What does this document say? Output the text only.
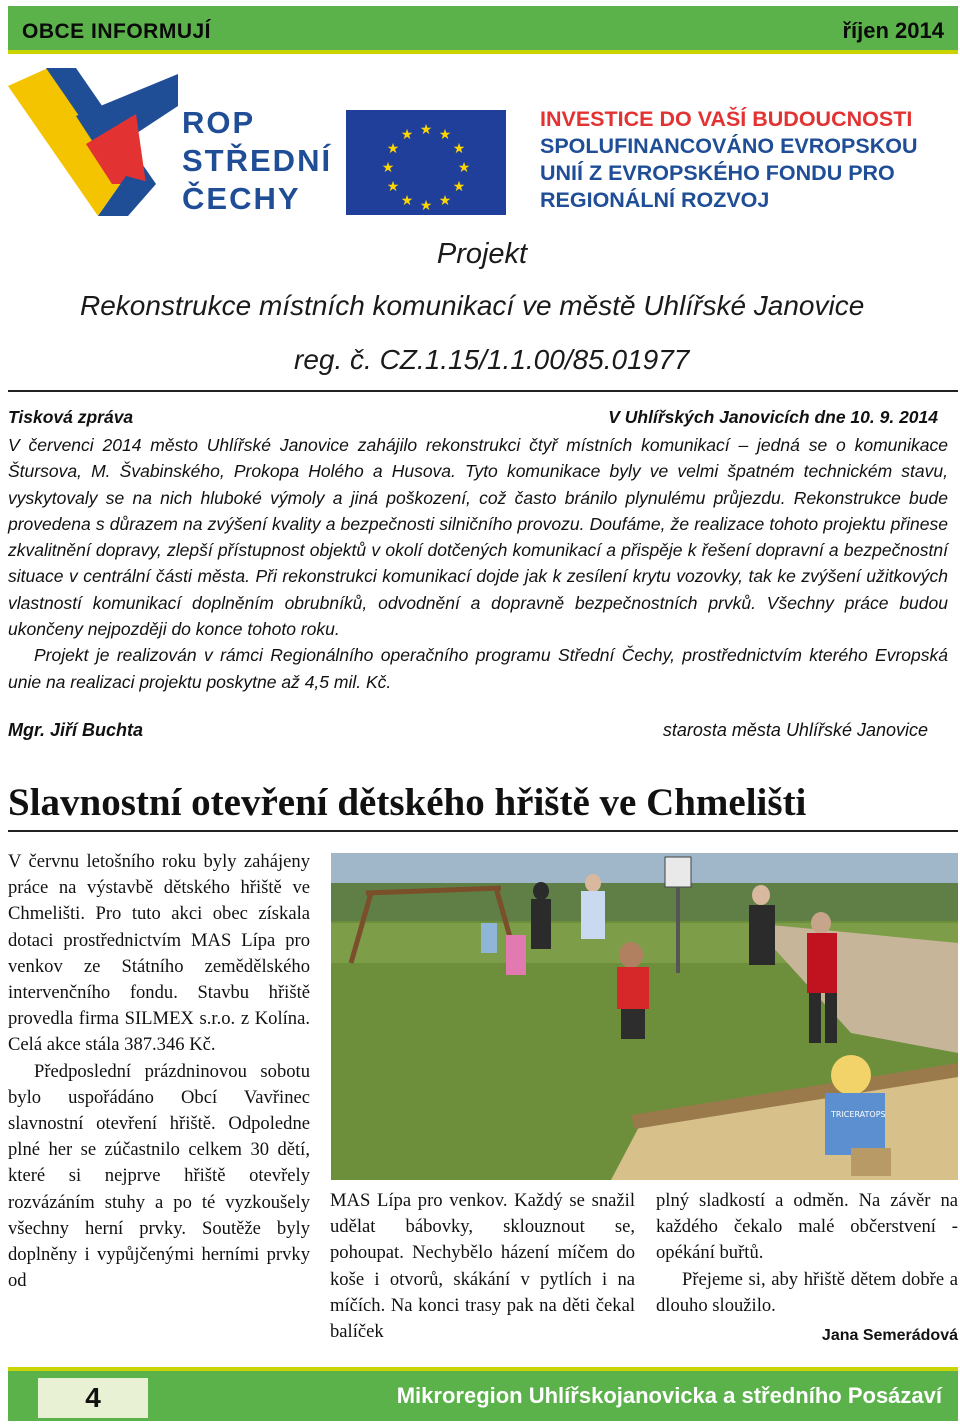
OBCE INFORMUJÍ	říjen 2014
ROP
STŘEDNÍ
ČECHY
★ ★
★
★
★
★
★
★
★
★
★
★
INVESTICE DO VAŠÍ BUDOUCNOSTI
SPOLUFINANCOVÁNO EVROPSKOU
UNIÍ Z EVROPSKÉHO FONDU PRO
REGIONÁLNÍ ROZVOJ
Projekt
Rekonstrukce místních komunikací ve městě Uhlířské Janovice
reg. č. CZ.1.15/1.1.00/85.01977
Tisková zpráva	V Uhlířských Janovicích dne 10. 9. 2014

V červenci 2014 město Uhlířské Janovice zahájilo rekonstrukci čtyř místních komunikací – jedná se o komunikace Štursova, M. Švabinského, Prokopa Holého a Husova. Tyto komunikace byly ve velmi špatném technickém stavu, vyskytovaly se na nich hluboké výmoly a jiná poškození, což často bránilo plynulému průjezdu. Rekonstrukce bude provedena s důrazem na zvýšení kvality a bezpečnosti silničního provozu. Doufáme, že realizace tohoto projektu přinese zkvalitnění dopravy, zlepší přístupnost objektů v okolí dotčených komunikací a přispěje k řešení dopravní a bezpečnostní situace v centrální části města. Při rekonstrukci komunikací dojde jak k zesílení krytu vozovky, tak ke zvýšení užitkových vlastností komunikací doplněním obrubníků, odvodnění a dopravně bezpečnostních prvků. Všechny práce budou ukončeny nejpozději do konce tohoto roku.

Projekt je realizován v rámci Regionálního operačního programu Střední Čechy, prostřednictvím kterého Evropská unie na realizaci projektu poskytne až 4,5 mil. Kč.

Mgr. Jiří Buchta	starosta města Uhlířské Janovice
Slavnostní otevření dětského hřiště ve Chmelišti

V červnu letošního roku byly zahájeny práce na výstavbě dětského hřiště ve Chmelišti. Pro tuto akci obec získala dotaci prostřednictvím MAS Lípa pro venkov ze Státního zemědělského intervenčního fondu. Stavbu hřiště provedla firma SILMEX s.r.o. z Kolína. Celá akce stála 387.346 Kč.

Předposlední prázdninovou sobotu bylo uspořádáno Obcí Vavřinec slavnostní otevření hřiště. Odpoledne plné her se zúčastnilo celkem 30 dětí, které si nejprve hřiště otevřely rozvázáním stuhy a po té vyzkoušely všechny herní prvky. Soutěže byly doplněny i vypůjčenými herními prvky od

TRICERATOPS

MAS Lípa pro venkov. Každý se snažil udělat bábovky, sklouznout se, pohoupat. Nechybělo házení míčem do koše i otvorů, skákání v pytlích i na míčích. Na konci trasy pak na děti čekal balíček

plný sladkostí a odměn. Na závěr na každého čekalo malé občerstvení - opékání buřtů.

Přejeme si, aby hřiště dětem dobře a dlouho sloužilo.

Jana Semerádová
4	Mikroregion Uhlířskojanovicka a středního Posázaví
